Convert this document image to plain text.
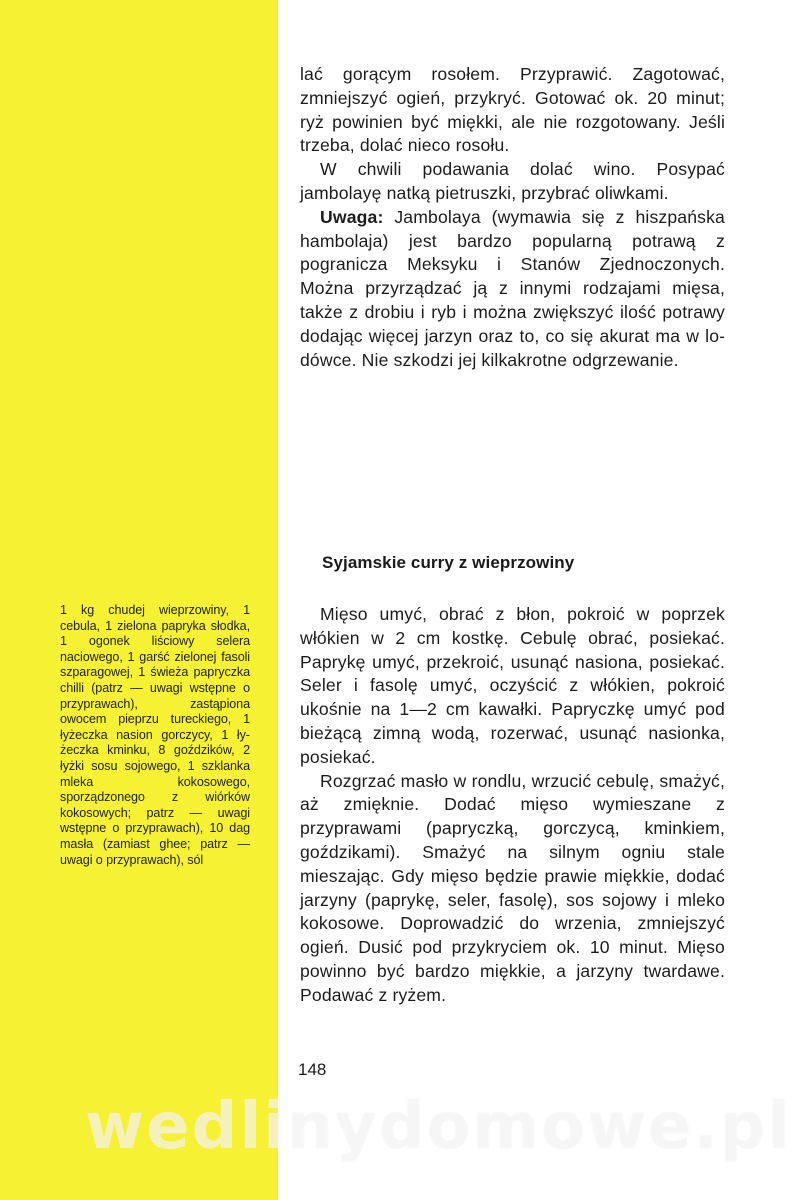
lać gorącym rosołem. Przyprawić. Zagotować, zmniejszyć ogień, przykryć. Gotować ok. 20 minut; ryż powinien być miękki, ale nie rozgotowany. Jeśli trzeba, dolać nieco rosołu.

W chwili podawania dolać wino. Posypać jambolayę natką pietruszki, przybrać oliwkami.

Uwaga: Jambolaya (wymawia się z hiszpańska hambolaja) jest bardzo popularną potrawą z pogranicza Meksyku i Stanów Zjednoczonych. Można przyrządzać ją z innymi rodzajami mięsa, także z drobiu i ryb i można zwiększyć ilość potrawy dodając więcej jarzyn oraz to, co się akurat ma w lodówce. Nie szkodzi jej kilkakrotne odgrzewanie.

Syjamskie curry z wieprzowiny
1 kg chudej wieprzowiny, 1 cebula, 1 zielona papryka słodka, 1 ogonek liściowy selera naciowego, 1 garść zielonej fasoli szparagowej, 1 świeża papryczka chilli (patrz — uwagi wstępne o przyprawach), zastąpiona owocem pieprzu tureckiego, 1 łyżeczka nasion gorczycy, 1 łyżeczka kminku, 8 goździków, 2 łyżki sosu sojowego, 1 szklanka mleka kokosowego, sporządzonego z wiórków kokosowych; patrz — uwagi wstępne o przyprawach), 10 dag masła (zamiast ghee; patrz — uwagi o przyprawach), sól

Mięso umyć, obrać z błon, pokroić w poprzek włókien w 2 cm kostkę. Cebulę obrać, posiekać. Paprykę umyć, przekroić, usunąć nasiona, posiekać. Seler i fasolę umyć, oczyścić z włókien, pokroić ukośnie na 1—2 cm kawałki. Papryczkę umyć pod bieżącą zimną wodą, rozerwać, usunąć nasionka, posiekać.

Rozgrzać masło w rondlu, wrzucić cebulę, smażyć, aż zmięknie. Dodać mięso wymieszane z przyprawami (papryczką, gorczycą, kminkiem, goździkami). Smażyć na silnym ogniu stale mieszając. Gdy mięso będzie prawie miękkie, dodać jarzyny (paprykę, seler, fasolę), sos sojowy i mleko kokosowe. Doprowadzić do wrzenia, zmniejszyć ogień. Dusić pod przykryciem ok. 10 minut. Mięso powinno być bardzo miękkie, a jarzyny twardawe. Podawać z ryżem.

148
wedlinydomowe.pl
